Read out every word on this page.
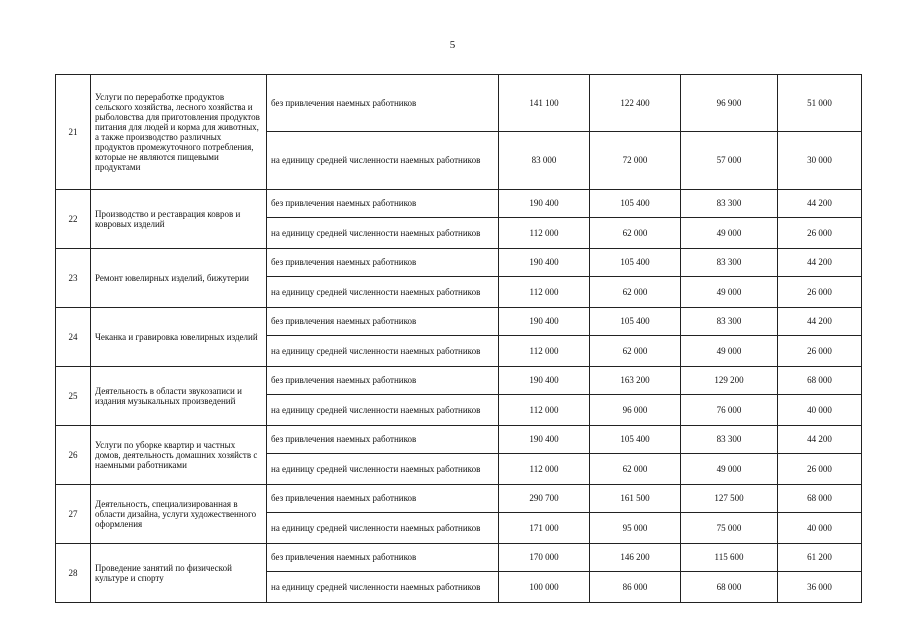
5
21	Услуги по переработке продуктов сельского хозяйства, лесного хозяйства и рыболовства для приготовления продуктов питания для людей и корма для животных, а также производство различных продуктов промежуточного потребления, которые не являются пищевыми продуктами	без привлечения наемных работников	141 100	122 400	96 900	51 000
		на единицу средней численности наемных работников	83 000	72 000	57 000	30 000
22	Производство и реставрация ковров и ковровых изделий	без привлечения наемных работников	190 400	105 400	83 300	44 200
		на единицу средней численности наемных работников	112 000	62 000	49 000	26 000
23	Ремонт ювелирных изделий, бижутерии	без привлечения наемных работников	190 400	105 400	83 300	44 200
		на единицу средней численности наемных работников	112 000	62 000	49 000	26 000
24	Чеканка и гравировка ювелирных изделий	без привлечения наемных работников	190 400	105 400	83 300	44 200
		на единицу средней численности наемных работников	112 000	62 000	49 000	26 000
25	Деятельность в области звукозаписи и издания музыкальных произведений	без привлечения наемных работников	190 400	163 200	129 200	68 000
		на единицу средней численности наемных работников	112 000	96 000	76 000	40 000
26	Услуги по уборке квартир и частных домов, деятельность домашних хозяйств с наемными работниками	без привлечения наемных работников	190 400	105 400	83 300	44 200
		на единицу средней численности наемных работников	112 000	62 000	49 000	26 000
27	Деятельность, специализированная в области дизайна, услуги художественного оформления	без привлечения наемных работников	290 700	161 500	127 500	68 000
		на единицу средней численности наемных работников	171 000	95 000	75 000	40 000
28	Проведение занятий по физической культуре и спорту	без привлечения наемных работников	170 000	146 200	115 600	61 200
		на единицу средней численности наемных работников	100 000	86 000	68 000	36 000
